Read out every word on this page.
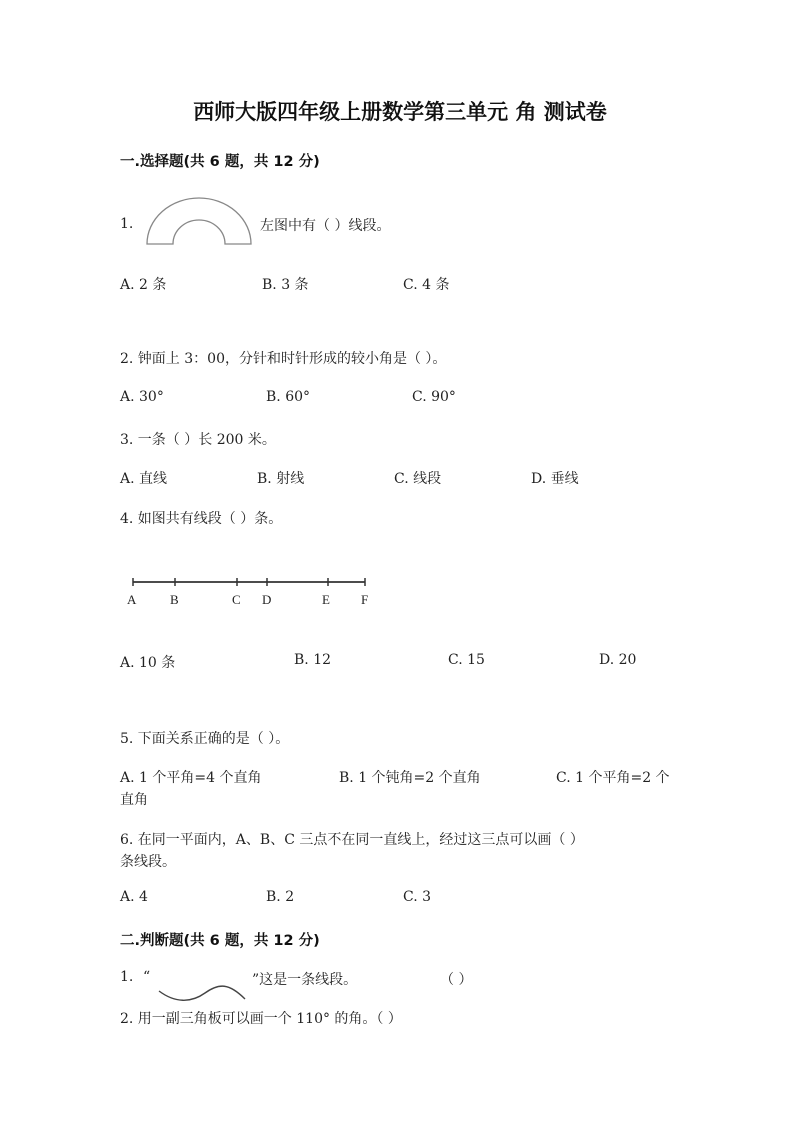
西师大版四年级上册数学第三单元 角 测试卷
一.选择题(共 6 题，共 12 分)
1.	左图中有（ ）线段。
A. 2 条	B. 3 条	C. 4 条
2. 钟面上 3：00，分针和时针形成的较小角是（ ）。
A. 30°	B. 60°	C. 90°
3. 一条（ ）长 200 米。
A. 直线	B. 射线	C. 线段	D. 垂线
4. 如图共有线段（ ）条。
A	B	C D	E F
A. 10 条	B. 12	C. 15	D. 20
5. 下面关系正确的是（ ）。
A. 1 个平角=4 个直角	B. 1 个钝角=2 个直角	C. 1 个平角=2 个
直角
6. 在同一平面内，A、B、C 三点不在同一直线上，经过这三点可以画（ ）
条线段。
A. 4	B. 2	C. 3
二.判断题(共 6 题，共 12 分)
1. “	”这是一条线段。	（ ）
2. 用一副三角板可以画一个 110° 的角。（ ）
